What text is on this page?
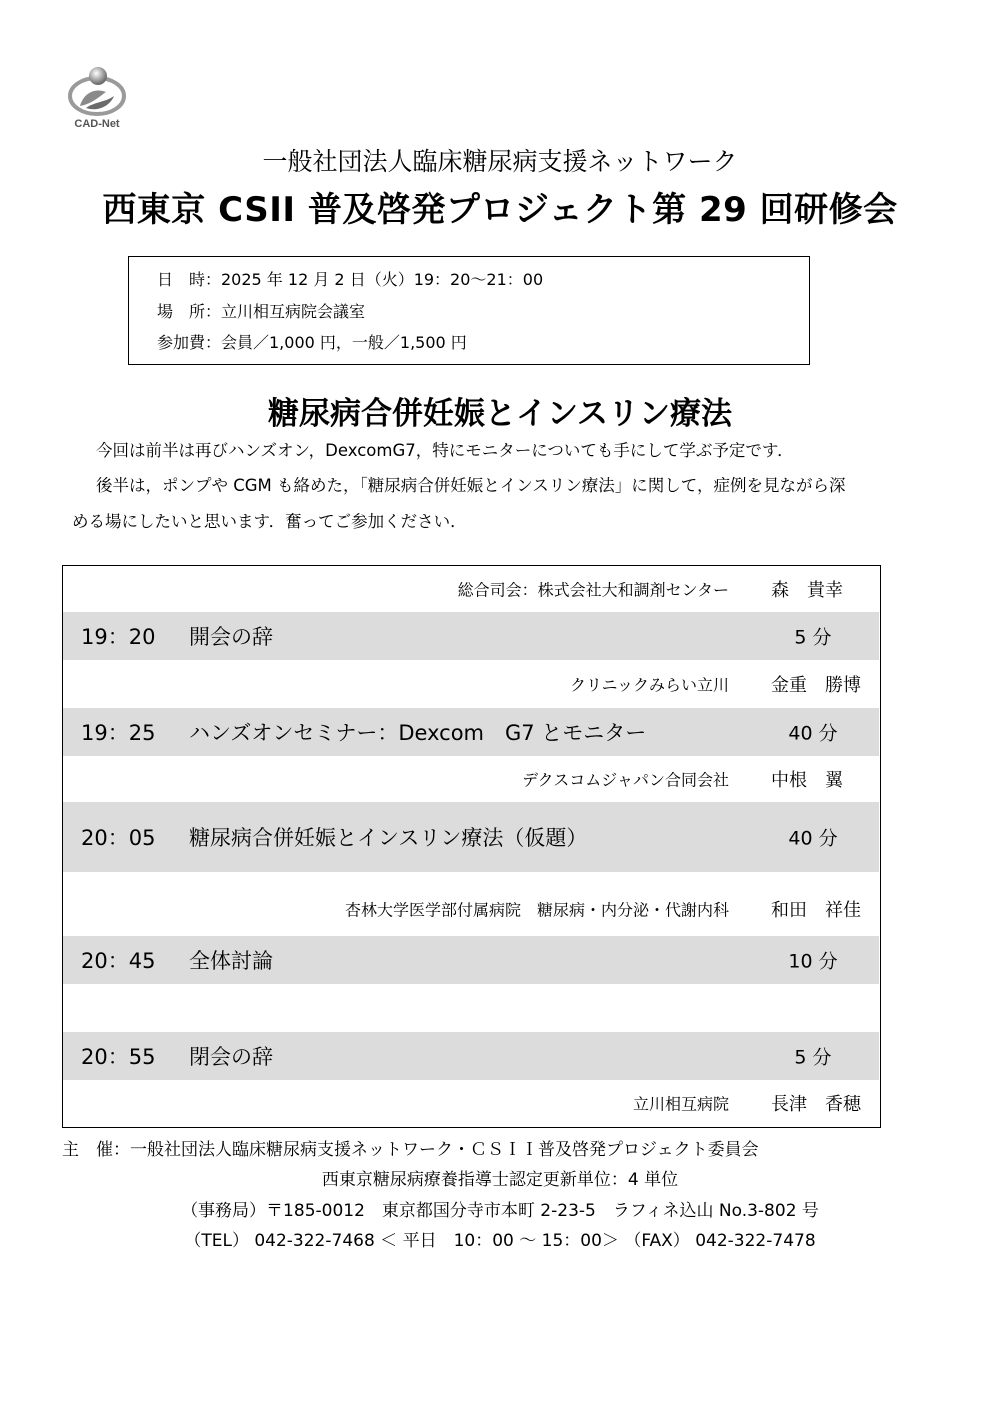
CAD-Net
一般社団法人臨床糖尿病支援ネットワーク
西東京 CSII 普及啓発プロジェクト第 29 回研修会
日　時：2025 年 12 月 2 日（火）19：20～21：00
場　所：立川相互病院会議室
参加費：会員／1,000 円，一般／1,500 円
糖尿病合併妊娠とインスリン療法
今回は前半は再びハンズオン，DexcomG7，特にモニターについても手にして学ぶ予定です．
後半は，ポンプや CGM も絡めた，「糖尿病合併妊娠とインスリン療法」に関して，症例を見ながら深
める場にしたいと思います．奮ってご参加ください．
総合司会：株式会社大和調剤センター 森　貴幸
19：20 開会の辞	5 分
クリニックみらい立川 金重　勝博
19：25 ハンズオンセミナー：Dexcom　G7 とモニター	40 分
デクスコムジャパン合同会社 中根　翼
20：05 糖尿病合併妊娠とインスリン療法（仮題）	40 分
杏林大学医学部付属病院　糖尿病・内分泌・代謝内科 和田　祥佳
20：45 全体討論	10 分
20：55 閉会の辞	5 分
立川相互病院 長津　香穂
主　催：一般社団法人臨床糖尿病支援ネットワーク・ＣＳＩＩ普及啓発プロジェクト委員会
西東京糖尿病療養指導士認定更新単位：4 単位
（事務局）〒185-0012　東京都国分寺市本町 2-23-5　ラフィネ込山 No.3-802 号
（TEL） 042-322-7468 ＜ 平日　10：00 ～ 15：00＞ （FAX） 042-322-7478
